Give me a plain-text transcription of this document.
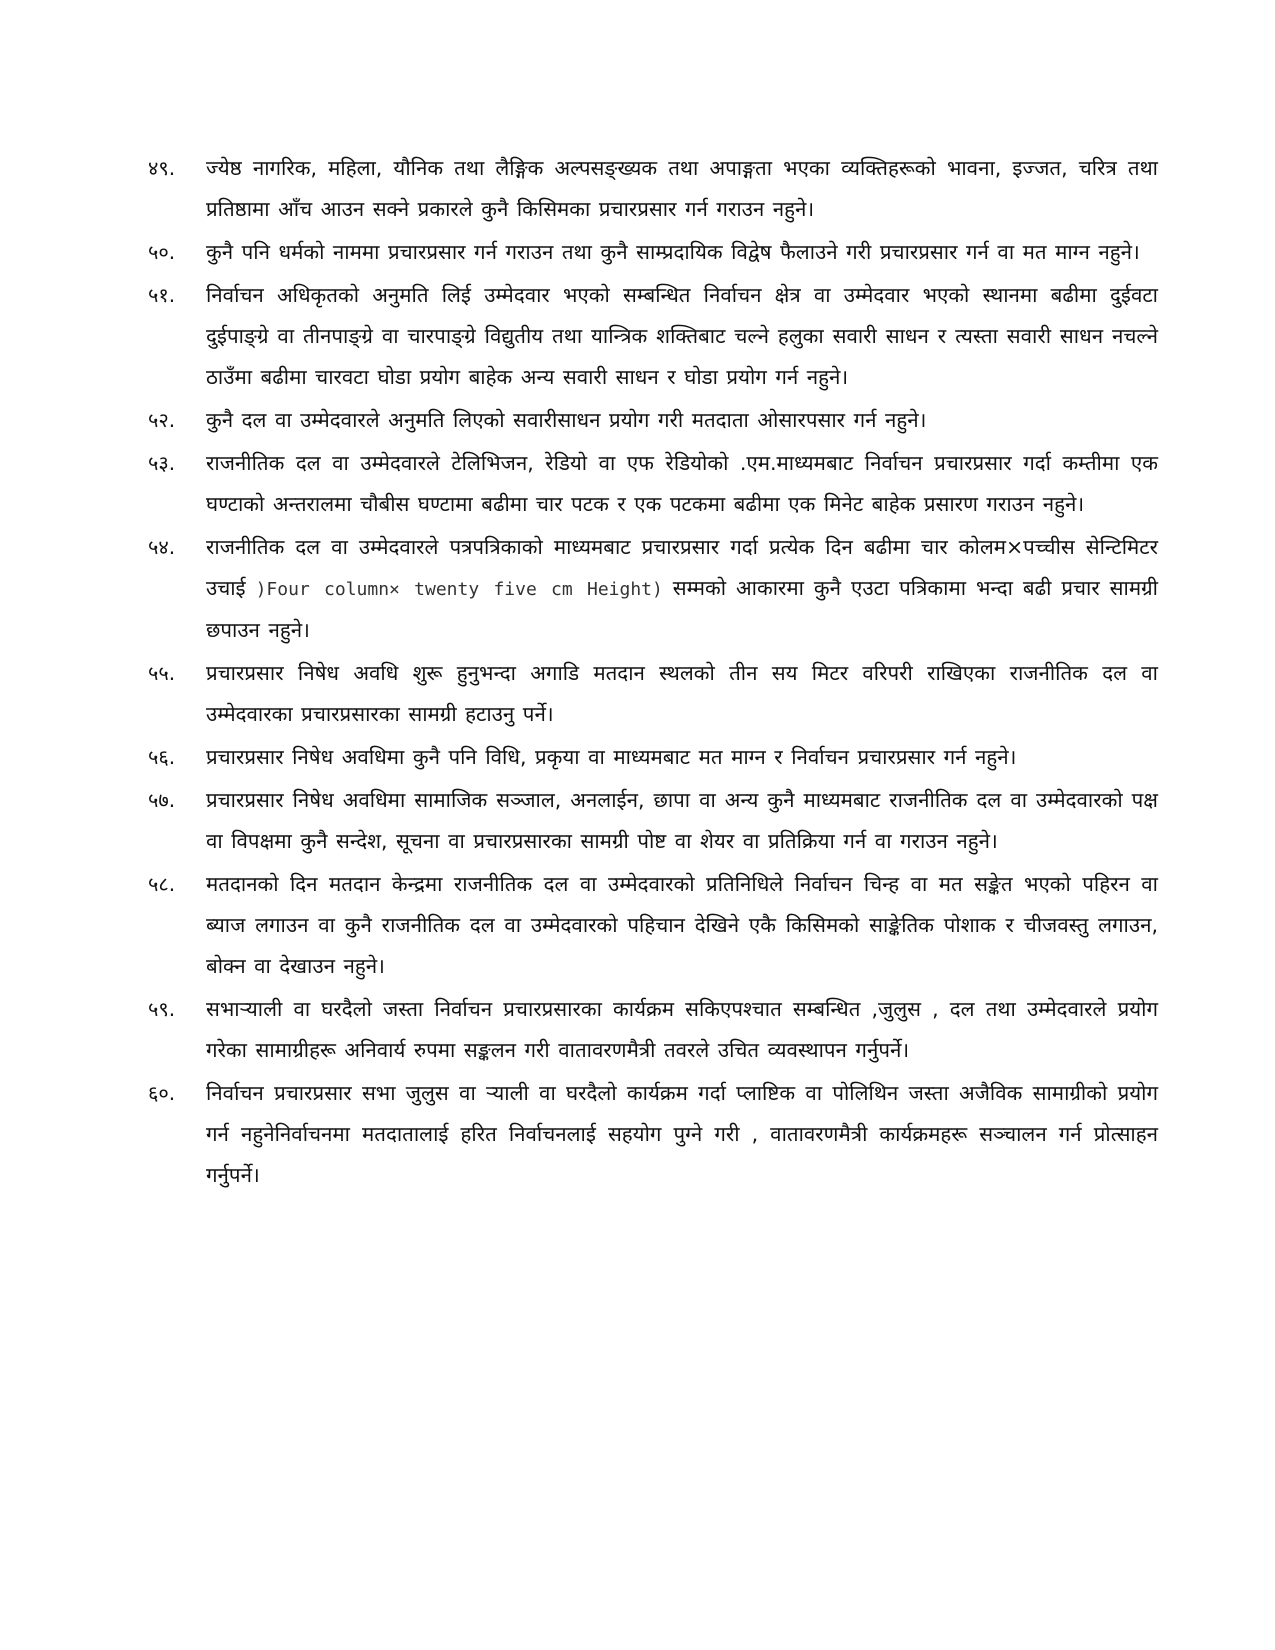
४९.	ज्येष्ठ नागरिक, महिला, यौनिक तथा लैङ्गिक अल्पसङ्ख्यक तथा अपाङ्गता भएका व्यक्तिहरूको भावना, इज्जत, चरित्र तथा प्रतिष्ठामा आँच आउन सक्ने प्रकारले कुनै किसिमका प्रचारप्रसार गर्न गराउन नहुने।
५०.	कुनै पनि धर्मको नाममा प्रचारप्रसार गर्न गराउन तथा कुनै साम्प्रदायिक विद्वेष फैलाउने गरी प्रचारप्रसार गर्न वा मत माग्न नहुने।
५१.	निर्वाचन अधिकृतको अनुमति लिई उम्मेदवार भएको सम्बन्धित निर्वाचन क्षेत्र वा उम्मेदवार भएको स्थानमा बढीमा दुईवटा दुईपाङ्ग्रे वा तीनपाङ्ग्रे वा चारपाङ्ग्रे विद्युतीय तथा यान्त्रिक शक्तिबाट चल्ने हलुका सवारी साधन र त्यस्ता सवारी साधन नचल्ने ठाउँमा बढीमा चारवटा घोडा प्रयोग बाहेक अन्य सवारी साधन र घोडा प्रयोग गर्न नहुने।
५२.	कुनै दल वा उम्मेदवारले अनुमति लिएको सवारीसाधन प्रयोग गरी मतदाता ओसारपसार गर्न नहुने।
५३.	राजनीतिक दल वा उम्मेदवारले टेलिभिजन, रेडियो वा एफ रेडियोको .एम.माध्यमबाट निर्वाचन प्रचारप्रसार गर्दा कम्तीमा एक घण्टाको अन्तरालमा चौबीस घण्टामा बढीमा चार पटक र एक पटकमा बढीमा एक मिनेट बाहेक प्रसारण गराउन नहुने।
५४.	राजनीतिक दल वा उम्मेदवारले पत्रपत्रिकाको माध्यमबाट प्रचारप्रसार गर्दा प्रत्येक दिन बढीमा चार कोलम×पच्चीस सेन्टिमिटर उचाई )Four column× twenty five cm Height) सम्मको आकारमा कुनै एउटा पत्रिकामा भन्दा बढी प्रचार सामग्री छपाउन नहुने।
५५.	प्रचारप्रसार निषेध अवधि शुरू हुनुभन्दा अगाडि मतदान स्थलको तीन सय मिटर वरिपरी राखिएका राजनीतिक दल वा उम्मेदवारका प्रचारप्रसारका सामग्री हटाउनु पर्ने।
५६.	प्रचारप्रसार निषेध अवधिमा कुनै पनि विधि, प्रकृया वा माध्यमबाट मत माग्न र निर्वाचन प्रचारप्रसार गर्न नहुने।
५७.	प्रचारप्रसार निषेध अवधिमा सामाजिक सञ्जाल, अनलाईन, छापा वा अन्य कुनै माध्यमबाट राजनीतिक दल वा उम्मेदवारको पक्ष वा विपक्षमा कुनै सन्देश, सूचना वा प्रचारप्रसारका सामग्री पोष्ट वा शेयर वा प्रतिक्रिया गर्न वा गराउन नहुने।
५८.	मतदानको दिन मतदान केन्द्रमा राजनीतिक दल वा उम्मेदवारको प्रतिनिधिले निर्वाचन चिन्ह वा मत सङ्केत भएको पहिरन वा ब्याज लगाउन वा कुनै राजनीतिक दल वा उम्मेदवारको पहिचान देखिने एकै किसिमको साङ्केतिक पोशाक र चीजवस्तु लगाउन, बोक्न वा देखाउन नहुने।
५९.	सभार्‍याली वा घरदैलो जस्ता निर्वाचन प्रचारप्रसारका कार्यक्रम सकिएपश्चात सम्बन्धित ,जुलुस , दल तथा उम्मेदवारले प्रयोग गरेका सामाग्रीहरू अनिवार्य रुपमा सङ्कलन गरी वातावरणमैत्री तवरले उचित व्यवस्थापन गर्नुपर्ने।
६०.	निर्वाचन प्रचारप्रसार सभा जुलुस वा र्‍याली वा घरदैलो कार्यक्रम गर्दा प्लाष्टिक वा पोलिथिन जस्ता अजैविक सामाग्रीको प्रयोग गर्न नहुनेनिर्वाचनमा मतदातालाई हरित निर्वाचनलाई सहयोग पुग्ने गरी , वातावरणमैत्री कार्यक्रमहरू सञ्चालन गर्न प्रोत्साहन गर्नुपर्ने।
